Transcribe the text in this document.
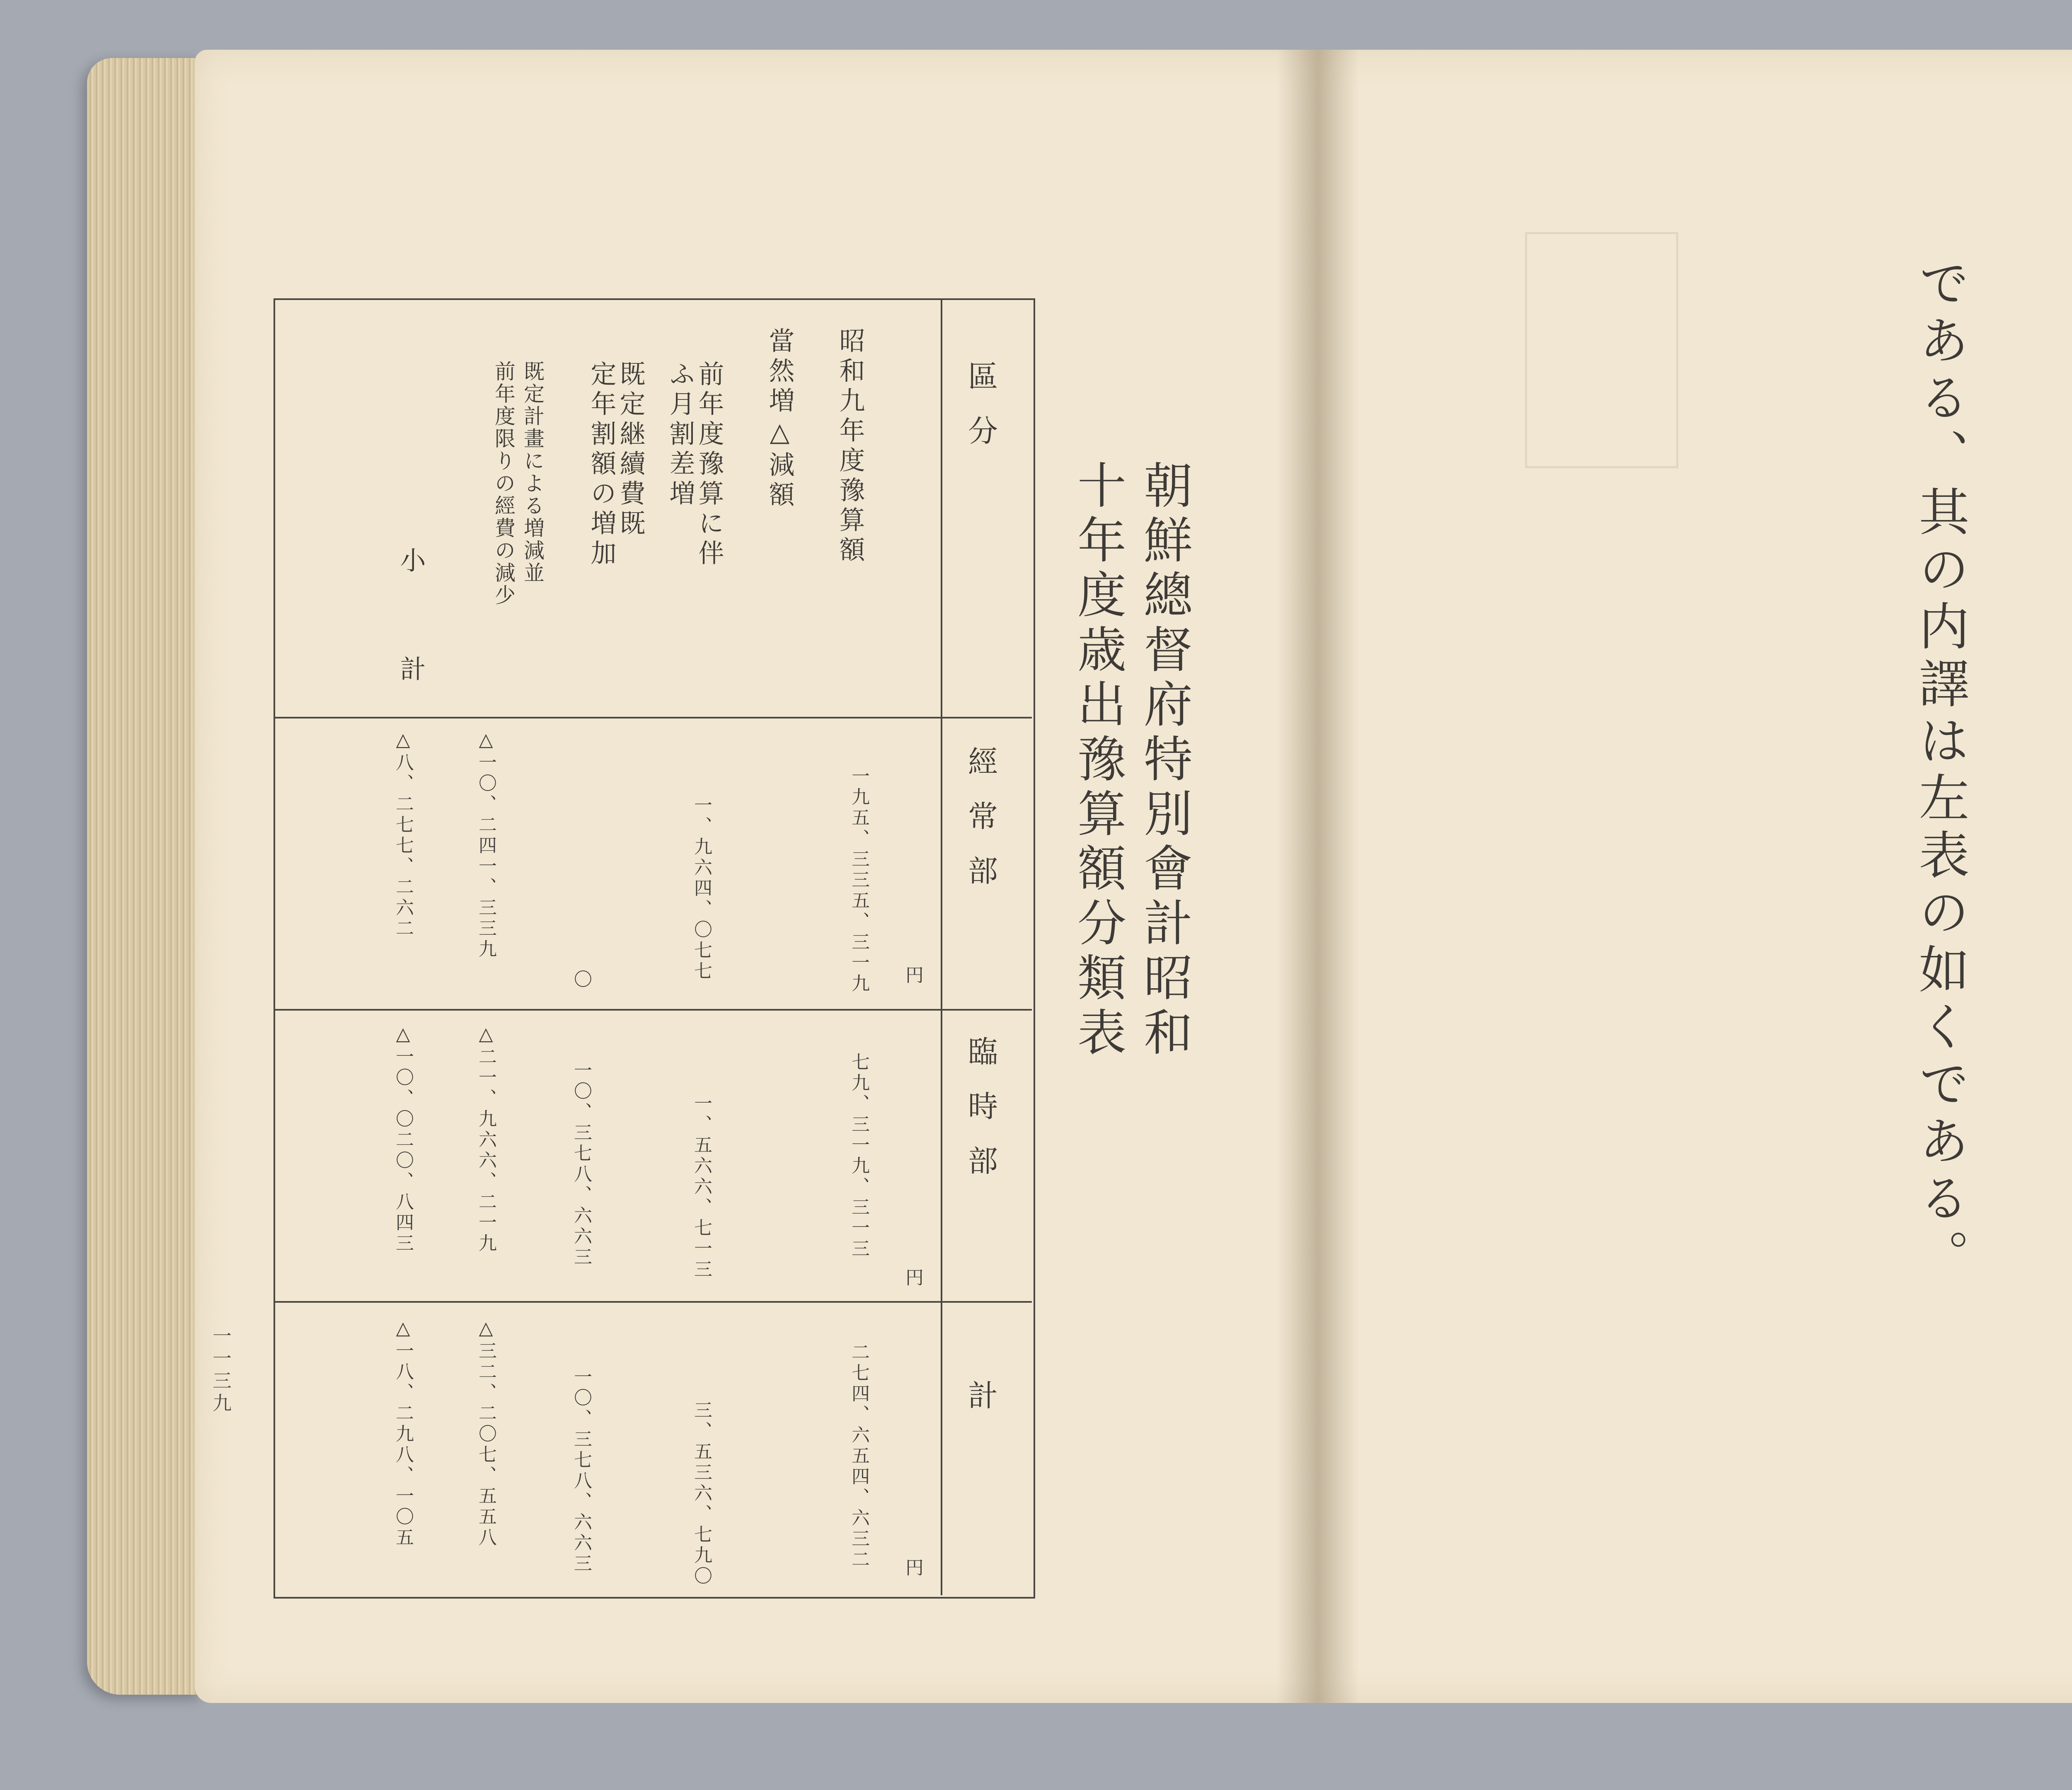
區分
經常部
臨時部
計
昭和九年度豫算額
當然増△減額
前年度豫算に伴
ふ月割差増
既定継續費既
定年割額の増加
既定計畫による増減並
前年度限りの經費の減少
小計
円
円
円
一九五、三三五、三一九
一、九六四、〇七七
〇
△一〇、二四一、三三九
△八、二七七、二六二
七九、三一九、三一三
一、五六六、七一三
一〇、三七八、六六三
△二一、九六六、二一九
△一〇、〇二〇、八四三
二七四、六五四、六三二
三、五三六、七九〇
一〇、三七八、六六三
△三二、二〇七、五五八
△一八、二九八、一〇五
朝鮮總督府特別會計昭和
十年度歳出豫算額分類表
一一三九
である、其の内譯は左表の如くである。
